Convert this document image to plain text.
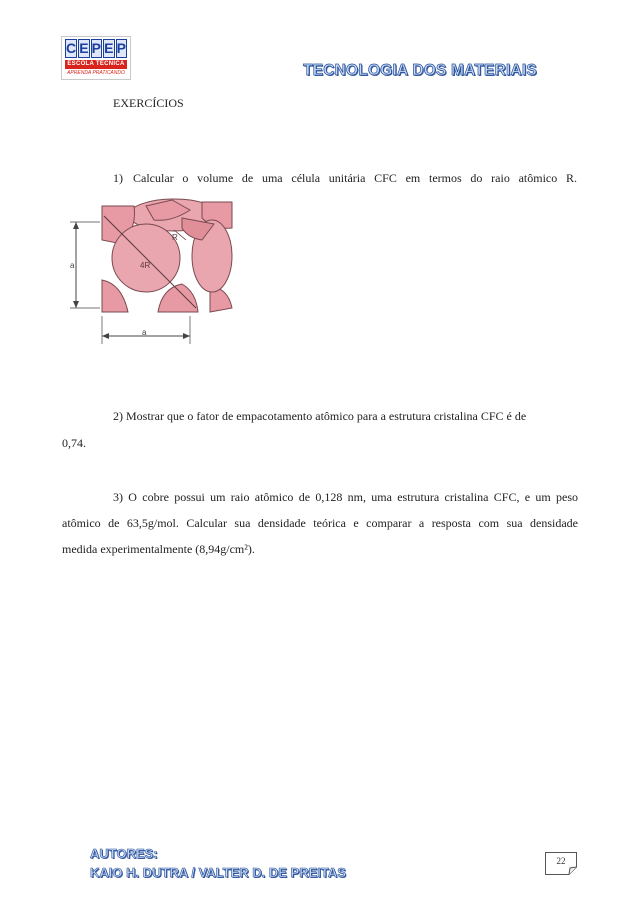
C E P E P
ESCOLA TÉCNICA
APRENDA PRATICANDO	TECNOLOGIA DOS MATERIAIS
EXERCÍCIOS
1) Calcular o volume de uma célula unitária CFC em termos do raio atômico R.
4R
R
a
a
2) Mostrar que o fator de empacotamento atômico para a estrutura cristalina CFC é de
0,74.
3) O cobre possui um raio atômico de 0,128 nm, uma estrutura cristalina CFC, e um peso
atômico de 63,5g/mol. Calcular sua densidade teórica e comparar a resposta com sua densidade
medida experimentalmente (8,94g/cm²).
AUTORES:
KAIO H. DUTRA / VALTER D. DE PREITAS
22
